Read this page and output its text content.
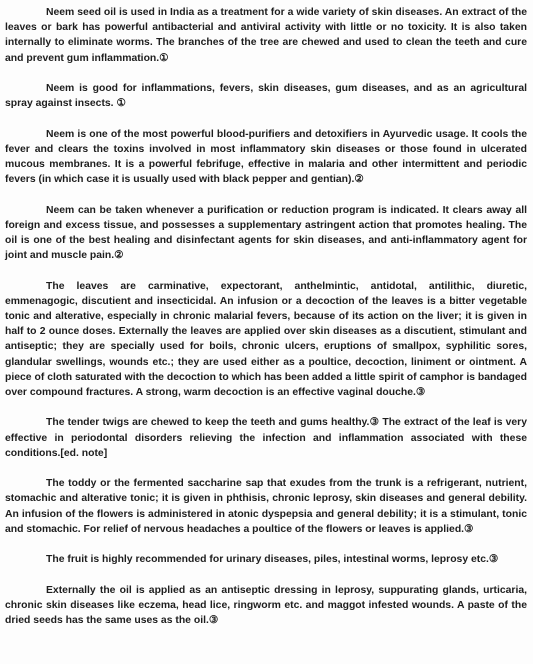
Neem seed oil is used in India as a treatment for a wide variety of skin diseases. An extract of the leaves or bark has powerful antibacterial and antiviral activity with little or no toxicity. It is also taken internally to eliminate worms. The branches of the tree are chewed and used to clean the teeth and cure and prevent gum inflammation.①

Neem is good for inflammations, fevers, skin diseases, gum diseases, and as an agricultural spray against insects. ①

Neem is one of the most powerful blood-purifiers and detoxifiers in Ayurvedic usage. It cools the fever and clears the toxins involved in most inflammatory skin diseases or those found in ulcerated mucous membranes. It is a powerful febrifuge, effective in malaria and other intermittent and periodic fevers (in which case it is usually used with black pepper and gentian).②

Neem can be taken whenever a purification or reduction program is indicated. It clears away all foreign and excess tissue, and possesses a supplementary astringent action that promotes healing. The oil is one of the best healing and disinfectant agents for skin diseases, and anti-inflammatory agent for joint and muscle pain.②

The leaves are carminative, expectorant, anthelmintic, antidotal, antilithic, diuretic, emmenagogic, discutient and insecticidal. An infusion or a decoction of the leaves is a bitter vegetable tonic and alterative, especially in chronic malarial fevers, because of its action on the liver; it is given in half to 2 ounce doses. Externally the leaves are applied over skin diseases as a discutient, stimulant and antiseptic; they are specially used for boils, chronic ulcers, eruptions of smallpox, syphilitic sores, glandular swellings, wounds etc.; they are used either as a poultice, decoction, liniment or ointment. A piece of cloth saturated with the decoction to which has been added a little spirit of camphor is bandaged over compound fractures. A strong, warm decoction is an effective vaginal douche.③

The tender twigs are chewed to keep the teeth and gums healthy.③ The extract of the leaf is very effective in periodontal disorders relieving the infection and inflammation associated with these conditions.[ed. note]

The toddy or the fermented saccharine sap that exudes from the trunk is a refrigerant, nutrient, stomachic and alterative tonic; it is given in phthisis, chronic leprosy, skin diseases and general debility. An infusion of the flowers is administered in atonic dyspepsia and general debility; it is a stimulant, tonic and stomachic. For relief of nervous headaches a poultice of the flowers or leaves is applied.③

The fruit is highly recommended for urinary diseases, piles, intestinal worms, leprosy etc.③

Externally the oil is applied as an antiseptic dressing in leprosy, suppurating glands, urticaria, chronic skin diseases like eczema, head lice, ringworm etc. and maggot infested wounds. A paste of the dried seeds has the same uses as the oil.③
